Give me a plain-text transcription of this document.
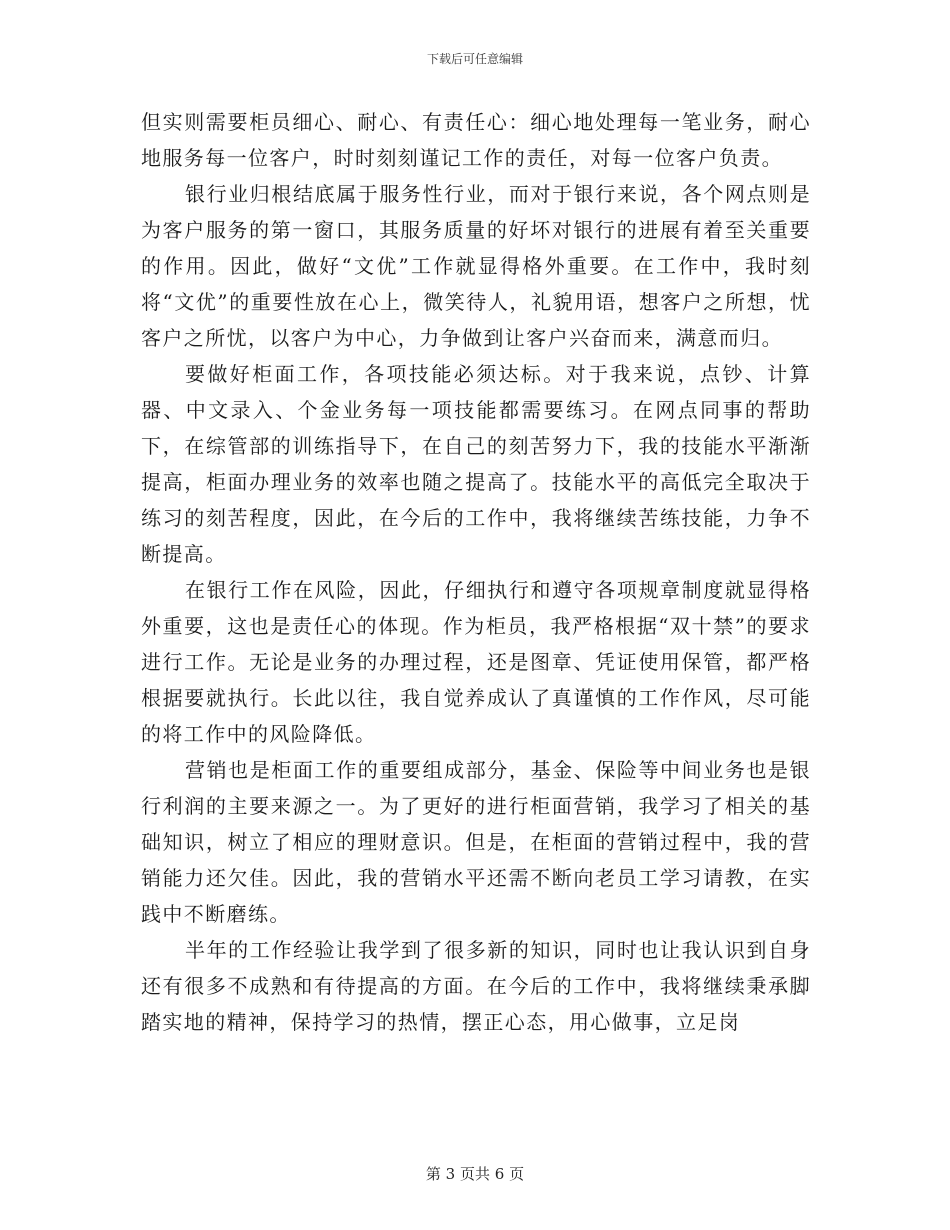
下载后可任意编辑

但实则需要柜员细心、耐心、有责任心：细心地处理每一笔业务，耐心地服务每一位客户，时时刻刻谨记工作的责任，对每一位客户负责。

银行业归根结底属于服务性行业，而对于银行来说，各个网点则是为客户服务的第一窗口，其服务质量的好坏对银行的进展有着至关重要的作用。因此，做好“文优”工作就显得格外重要。在工作中，我时刻将“文优”的重要性放在心上，微笑待人，礼貌用语，想客户之所想，忧客户之所忧，以客户为中心，力争做到让客户兴奋而来，满意而归。

要做好柜面工作，各项技能必须达标。对于我来说，点钞、计算器、中文录入、个金业务每一项技能都需要练习。在网点同事的帮助下，在综管部的训练指导下，在自己的刻苦努力下，我的技能水平渐渐提高，柜面办理业务的效率也随之提高了。技能水平的高低完全取决于练习的刻苦程度，因此，在今后的工作中，我将继续苦练技能，力争不断提高。

在银行工作在风险，因此，仔细执行和遵守各项规章制度就显得格外重要，这也是责任心的体现。作为柜员，我严格根据“双十禁”的要求进行工作。无论是业务的办理过程，还是图章、凭证使用保管，都严格根据要就执行。长此以往，我自觉养成认了真谨慎的工作作风，尽可能的将工作中的风险降低。

营销也是柜面工作的重要组成部分，基金、保险等中间业务也是银行利润的主要来源之一。为了更好的进行柜面营销，我学习了相关的基础知识，树立了相应的理财意识。但是，在柜面的营销过程中，我的营销能力还欠佳。因此，我的营销水平还需不断向老员工学习请教，在实践中不断磨练。

半年的工作经验让我学到了很多新的知识，同时也让我认识到自身还有很多不成熟和有待提高的方面。在今后的工作中，我将继续秉承脚踏实地的精神，保持学习的热情，摆正心态，用心做事，立足岗

第 3 页共 6 页
